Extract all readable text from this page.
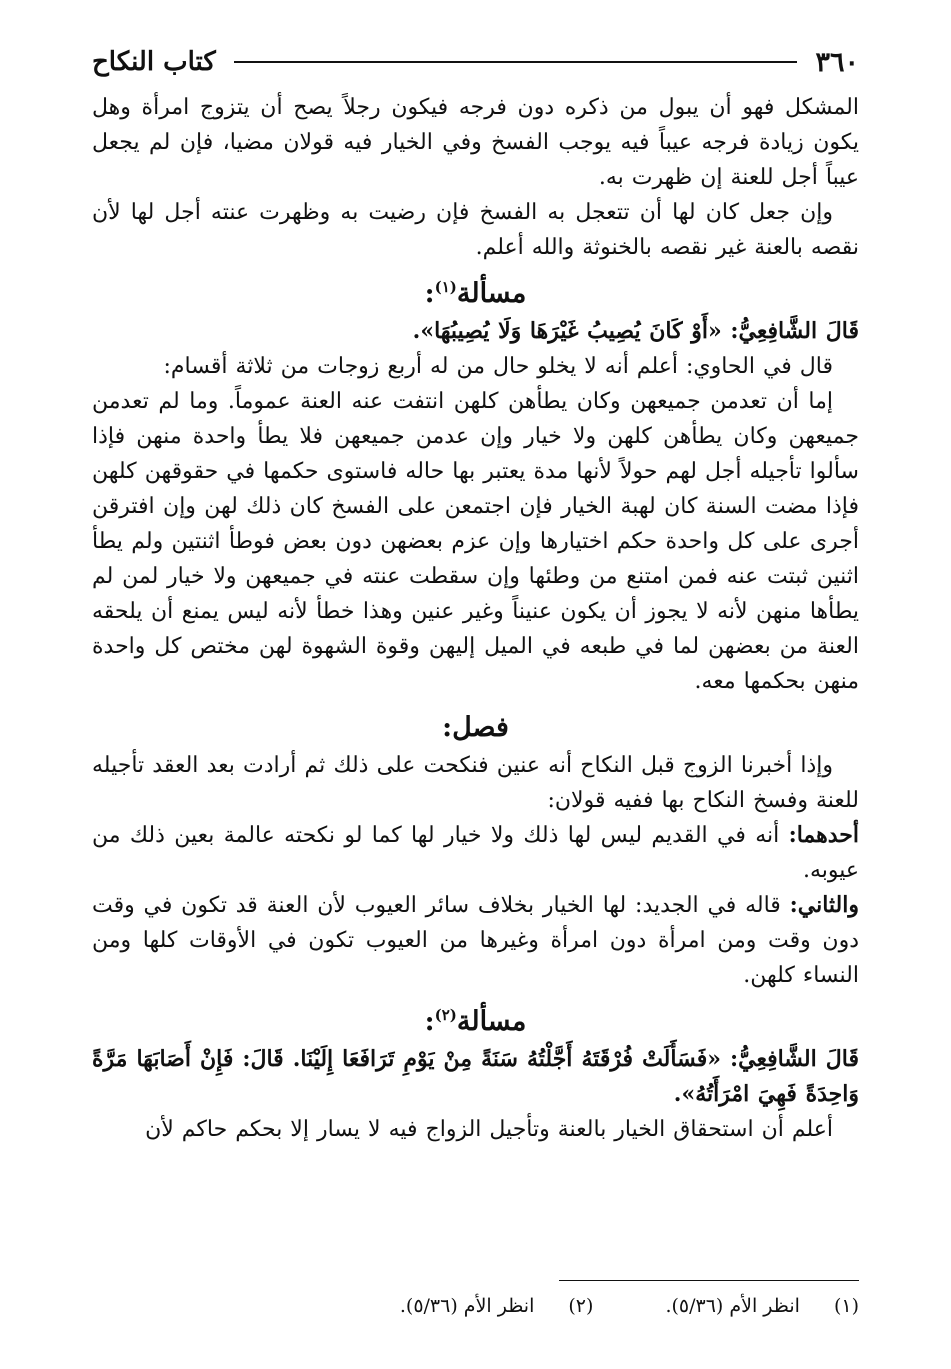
٣٦٠
كتاب النكاح

المشكل فهو أن يبول من ذكره دون فرجه فيكون رجلاً يصح أن يتزوج امرأة وهل يكون زيادة فرجه عيباً فيه يوجب الفسخ وفي الخيار فيه قولان مضيا، فإن لم يجعل عيباً أجل للعنة إن ظهرت به.

وإن جعل كان لها أن تتعجل به الفسخ فإن رضيت به وظهرت عنته أجل لها لأن نقصه بالعنة غير نقصه بالخنوثة والله أعلم.

مسألة$^{(١)}$:

قَالَ الشَّافِعِيُّ: «أَوْ كَانَ يُصِيبُ غَيْرَهَا وَلَا يُصِيبُهَا».

قال في الحاوي: أعلم أنه لا يخلو حال من له أربع زوجات من ثلاثة أقسام:

إما أن تعدمن جميعهن وكان يطأهن كلهن انتفت عنه العنة عموماً. وما لم تعدمن جميعهن وكان يطأهن كلهن ولا خيار وإن عدمن جميعهن فلا يطأ واحدة منهن فإذا سألوا تأجيله أجل لهم حولاً لأنها مدة يعتبر بها حاله فاستوى حكمها في حقوقهن كلهن فإذا مضت السنة كان لهبة الخيار فإن اجتمعن على الفسخ كان ذلك لهن وإن افترقن أجرى على كل واحدة حكم اختيارها وإن عزم بعضهن دون بعض فوطأ اثنتين ولم يطأ اثنين ثبتت عنه فمن امتنع من وطئها وإن سقطت عنته في جميعهن ولا خيار لمن لم يطأها منهن لأنه لا يجوز أن يكون عنيناً وغير عنين وهذا خطأ لأنه ليس يمنع أن يلحقه العنة من بعضهن لما في طبعه في الميل إليهن وقوة الشهوة لهن مختص كل واحدة منهن بحكمها معه.

فصل:

وإذا أخبرنا الزوج قبل النكاح أنه عنين فنكحت على ذلك ثم أرادت بعد العقد تأجيله للعنة وفسخ النكاح بها ففيه قولان:

أحدهما: أنه في القديم ليس لها ذلك ولا خيار لها كما لو نكحته عالمة بعين ذلك من عيوبه.

والثاني: قاله في الجديد: لها الخيار بخلاف سائر العيوب لأن العنة قد تكون في وقت دون وقت ومن امرأة دون امرأة وغيرها من العيوب تكون في الأوقات كلها ومن النساء كلهن.

مسألة$^{(٢)}$:

قَالَ الشَّافِعِيُّ: «فَسَأَلَتْ فُرْقَتَهُ أَجَّلْتُهُ سَنَةً مِنْ يَوْمِ تَرَافَعَا إِلَيْنَا. قَالَ: فَإِنْ أَصَابَهَا مَرَّةً وَاحِدَةً فَهِيَ امْرَأَتُهُ».

أعلم أن استحقاق الخيار بالعنة وتأجيل الزواج فيه لا يسار إلا بحكم حاكم لأن

(١)انظر الأم (٥/٣٦).
(٢)انظر الأم (٥/٣٦).
